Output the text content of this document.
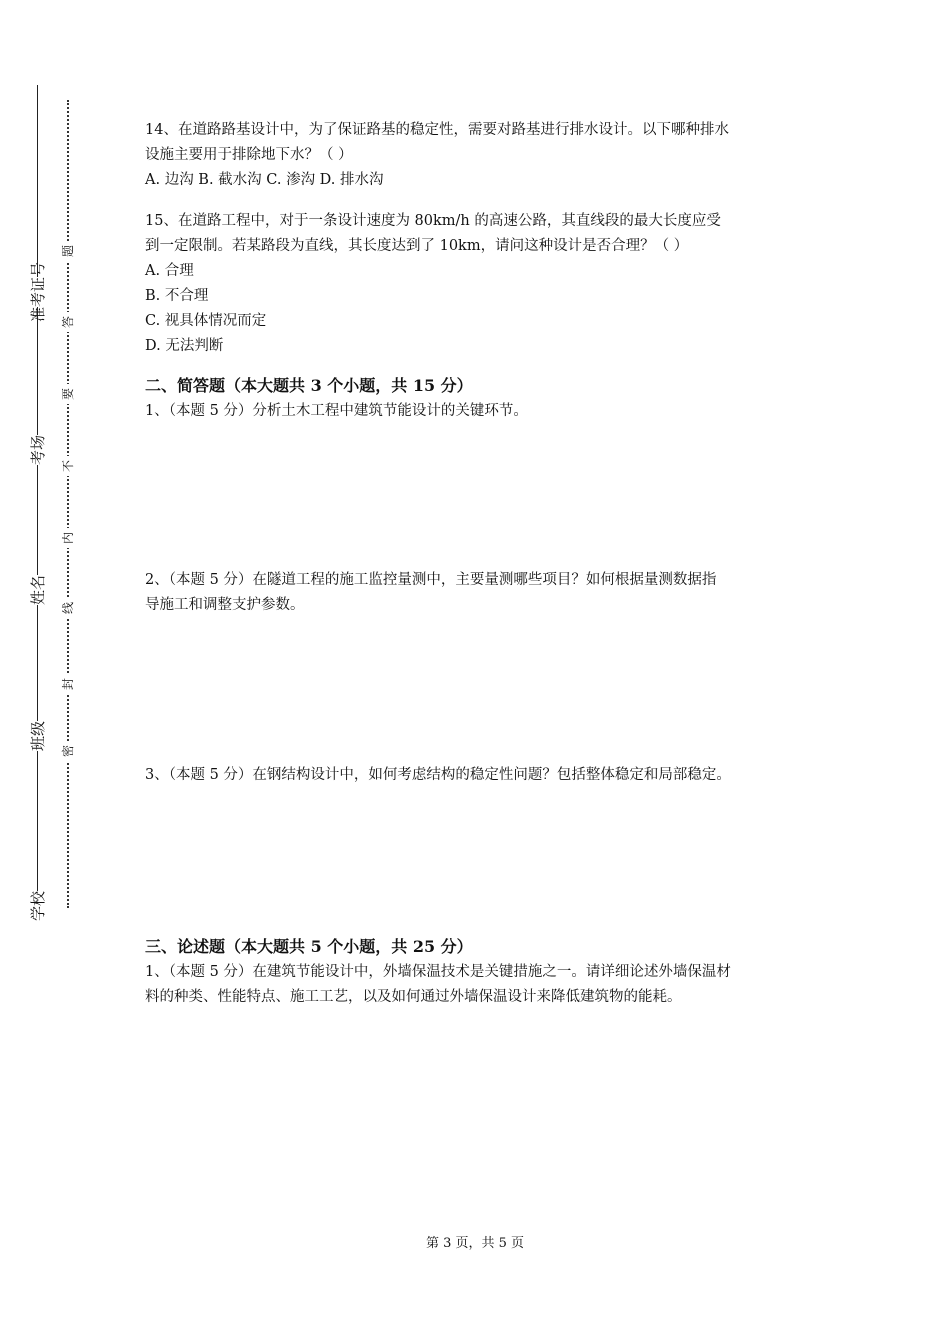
学校
班级
姓名
考场
准考证号
密
封
线
内
不
要
答
题
14、在道路路基设计中，为了保证路基的稳定性，需要对路基进行排水设计。以下哪种排水
设施主要用于排除地下水？（ ）
A. 边沟 B. 截水沟 C. 渗沟 D. 排水沟
15、在道路工程中，对于一条设计速度为 80km/h 的高速公路，其直线段的最大长度应受
到一定限制。若某路段为直线，其长度达到了 10km，请问这种设计是否合理？（ ）
A. 合理
B. 不合理
C. 视具体情况而定
D. 无法判断
二、简答题（本大题共 3 个小题，共 15 分）
1、（本题 5 分）分析土木工程中建筑节能设计的关键环节。
2、（本题 5 分）在隧道工程的施工监控量测中，主要量测哪些项目？如何根据量测数据指
导施工和调整支护参数。
3、（本题 5 分）在钢结构设计中，如何考虑结构的稳定性问题？包括整体稳定和局部稳定。
三、论述题（本大题共 5 个小题，共 25 分）
1、（本题 5 分）在建筑节能设计中，外墙保温技术是关键措施之一。请详细论述外墙保温材
料的种类、性能特点、施工工艺，以及如何通过外墙保温设计来降低建筑物的能耗。
第 3 页，共 5 页
